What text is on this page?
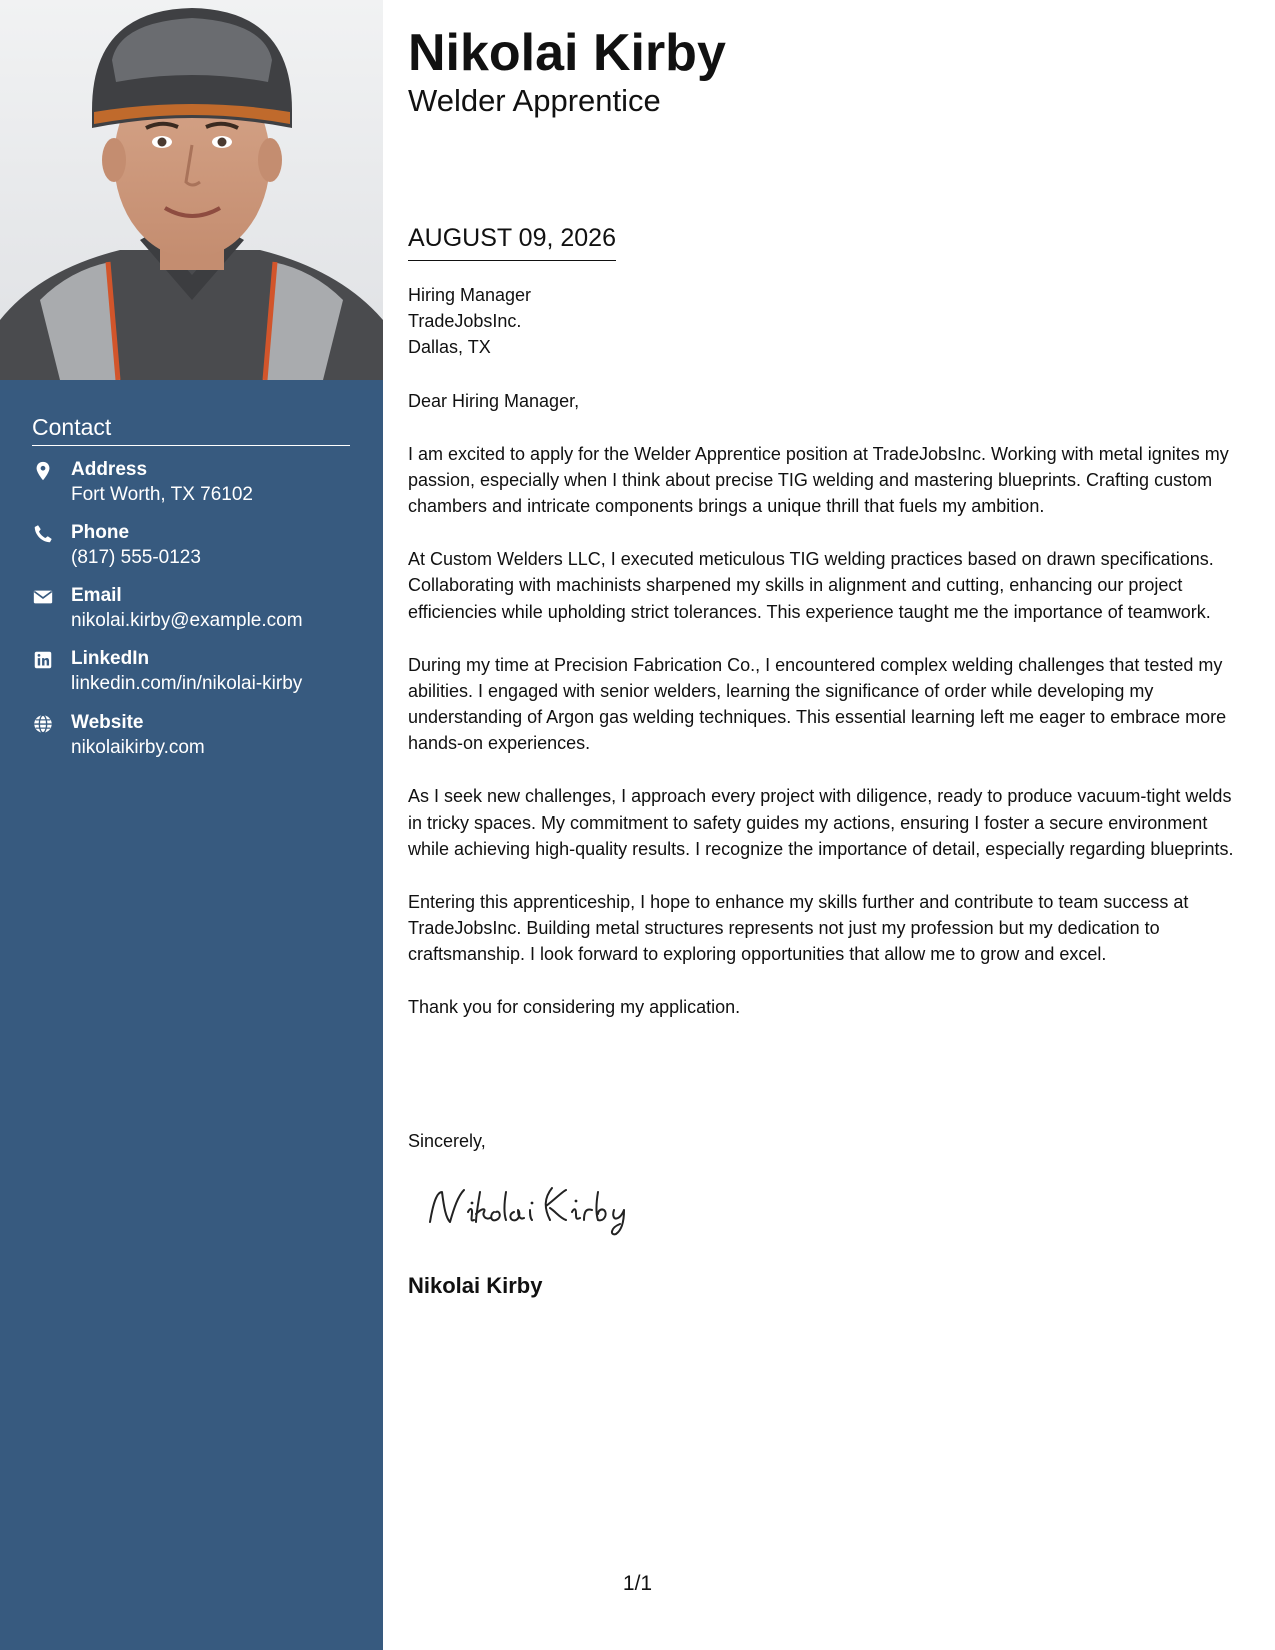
Contact
Address
Fort Worth, TX 76102
Phone
(817) 555-0123
Email
nikolai.kirby@example.com
LinkedIn
linkedin.com/in/nikolai-kirby
Website
nikolaikirby.com
Nikolai Kirby
Welder Apprentice
AUGUST 09, 2026
Hiring Manager
TradeJobsInc.
Dallas, TX

Dear Hiring Manager,

I am excited to apply for the Welder Apprentice position at TradeJobsInc. Working with metal ignites my passion, especially when I think about precise TIG welding and mastering blueprints. Crafting custom chambers and intricate components brings a unique thrill that fuels my ambition.

At Custom Welders LLC, I executed meticulous TIG welding practices based on drawn specifications. Collaborating with machinists sharpened my skills in alignment and cutting, enhancing our project efficiencies while upholding strict tolerances. This experience taught me the importance of teamwork.

During my time at Precision Fabrication Co., I encountered complex welding challenges that tested my abilities. I engaged with senior welders, learning the significance of order while developing my understanding of Argon gas welding techniques. This essential learning left me eager to embrace more hands-on experiences.

As I seek new challenges, I approach every project with diligence, ready to produce vacuum-tight welds in tricky spaces. My commitment to safety guides my actions, ensuring I foster a secure environment while achieving high-quality results. I recognize the importance of detail, especially regarding blueprints.

Entering this apprenticeship, I hope to enhance my skills further and contribute to team success at TradeJobsInc. Building metal structures represents not just my profession but my dedication to craftsmanship. I look forward to exploring opportunities that allow me to grow and excel.

Thank you for considering my application.

Sincerely,
Nikolai Kirby
1/1
